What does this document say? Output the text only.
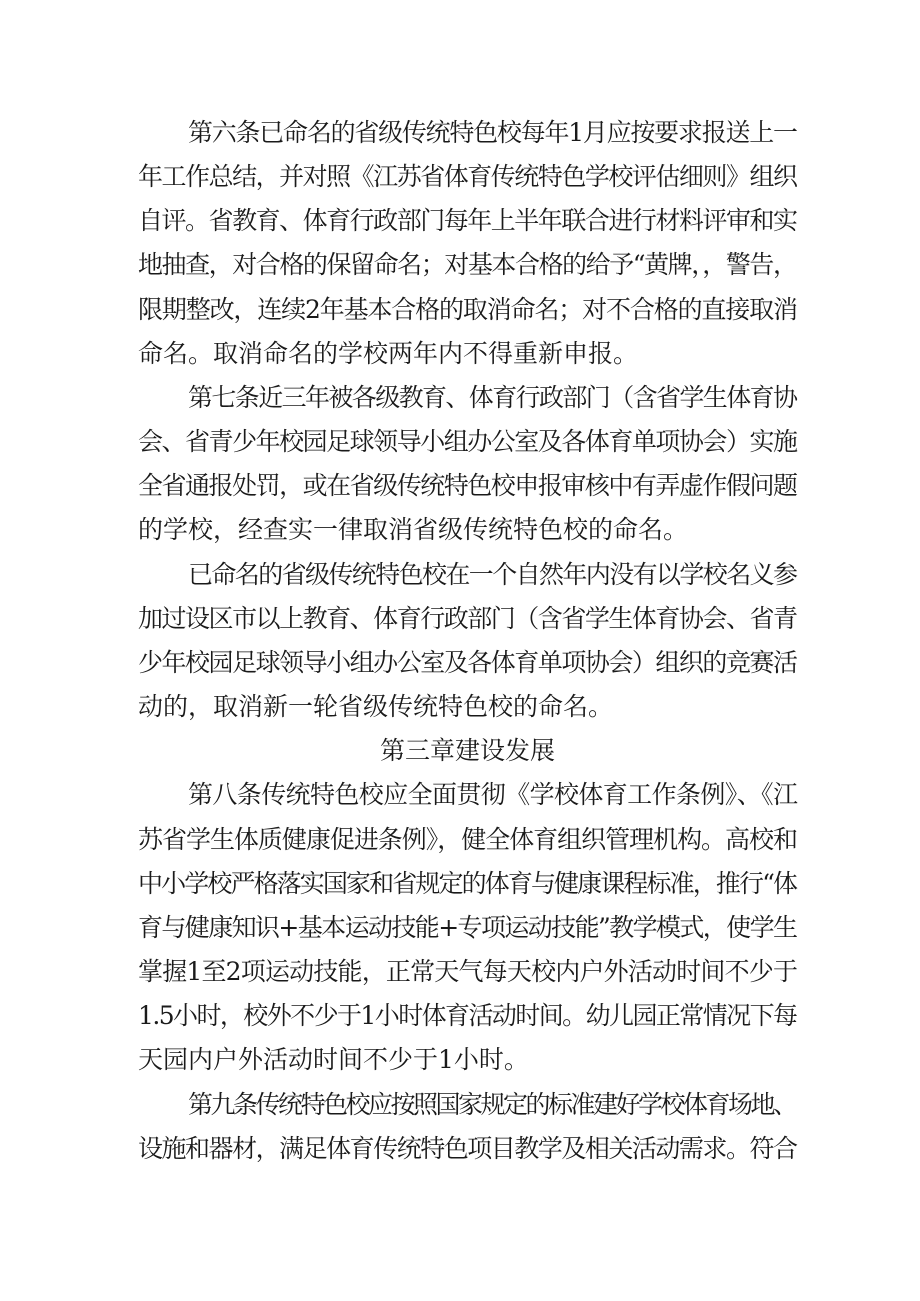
第六条已命名的省级传统特色校每年1月应按要求报送上一
年工作总结，并对照《江苏省体育传统特色学校评估细则》组织
自评。省教育、体育行政部门每年上半年联合进行材料评审和实
地抽查，对合格的保留命名；对基本合格的给予“黄牌，，警告，
限期整改，连续2年基本合格的取消命名；对不合格的直接取消
命名。取消命名的学校两年内不得重新申报。
第七条近三年被各级教育、体育行政部门（含省学生体育协
会、省青少年校园足球领导小组办公室及各体育单项协会）实施
全省通报处罚，或在省级传统特色校申报审核中有弄虚作假问题
的学校，经查实一律取消省级传统特色校的命名。
已命名的省级传统特色校在一个自然年内没有以学校名义参
加过设区市以上教育、体育行政部门（含省学生体育协会、省青
少年校园足球领导小组办公室及各体育单项协会）组织的竞赛活
动的，取消新一轮省级传统特色校的命名。
第三章建设发展
第八条传统特色校应全面贯彻《学校体育工作条例》、《江
苏省学生体质健康促进条例》，健全体育组织管理机构。高校和
中小学校严格落实国家和省规定的体育与健康课程标准，推行“体
育与健康知识+基本运动技能+专项运动技能”教学模式，使学生
掌握1至2项运动技能，正常天气每天校内户外活动时间不少于
1.5小时，校外不少于1小时体育活动时间。幼儿园正常情况下每
天园内户外活动时间不少于1小时。
第九条传统特色校应按照国家规定的标准建好学校体育场地、
设施和器材，满足体育传统特色项目教学及相关活动需求。符合
